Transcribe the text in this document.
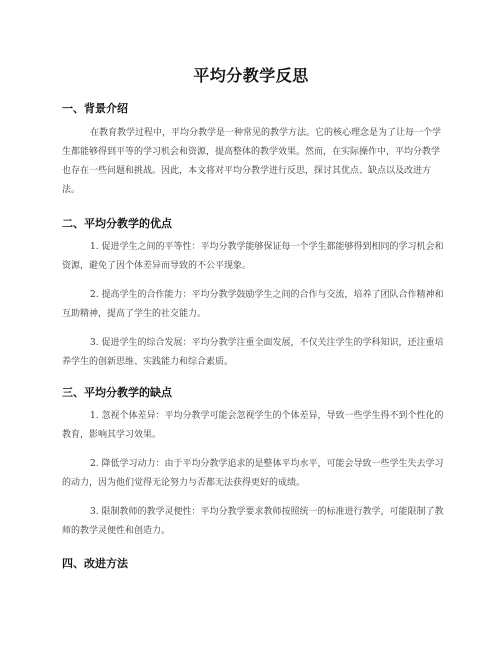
平均分教学反思
一、背景介绍
在教育教学过程中，平均分教学是一种常见的教学方法。它的核心理念是为了让每一个学生都能够得到平等的学习机会和资源，提高整体的教学效果。然而，在实际操作中，平均分教学也存在一些问题和挑战。因此，本文将对平均分教学进行反思，探讨其优点、缺点以及改进方法。
二、平均分教学的优点
1. 促进学生之间的平等性：平均分教学能够保证每一个学生都能够得到相同的学习机会和资源，避免了因个体差异而导致的不公平现象。
2. 提高学生的合作能力：平均分教学鼓励学生之间的合作与交流，培养了团队合作精神和互助精神，提高了学生的社交能力。
3. 促进学生的综合发展：平均分教学注重全面发展，不仅关注学生的学科知识，还注重培养学生的创新思维、实践能力和综合素质。
三、平均分教学的缺点
1. 忽视个体差异：平均分教学可能会忽视学生的个体差异，导致一些学生得不到个性化的教育，影响其学习效果。
2. 降低学习动力：由于平均分教学追求的是整体平均水平，可能会导致一些学生失去学习的动力，因为他们觉得无论努力与否都无法获得更好的成绩。
3. 限制教师的教学灵便性：平均分教学要求教师按照统一的标准进行教学，可能限制了教师的教学灵便性和创造力。
四、改进方法
